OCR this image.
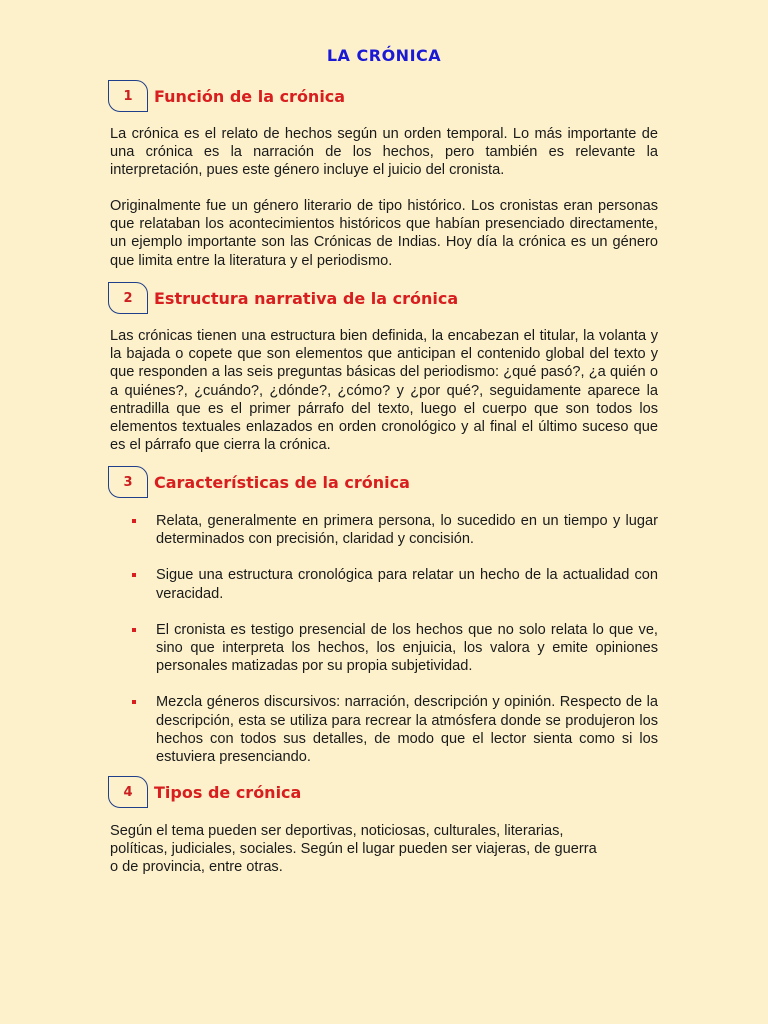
LA CRÓNICA
1	Función de la crónica

La crónica es el relato de hechos según un orden temporal. Lo más importante de una crónica es la narración de los hechos, pero también es relevante la interpretación, pues este género incluye el juicio del cronista.

Originalmente fue un género literario de tipo histórico. Los cronistas eran personas que relataban los acontecimientos históricos que habían presenciado directamente, un ejemplo importante son las Crónicas de Indias. Hoy día la crónica es un género que limita entre la literatura y el periodismo.

2	Estructura narrativa de la crónica

Las crónicas tienen una estructura bien definida, la encabezan el titular, la volanta y la bajada o copete que son elementos que anticipan el contenido global del texto y que responden a las seis preguntas básicas del periodismo: ¿qué pasó?, ¿a quién o a quiénes?, ¿cuándo?, ¿dónde?, ¿cómo? y ¿por qué?, seguidamente aparece la entradilla que es el primer párrafo del texto, luego el cuerpo que son todos los elementos textuales enlazados en orden cronológico y al final el último suceso que es el párrafo que cierra la crónica.

3	Características de la crónica
Relata, generalmente en primera persona, lo sucedido en un tiempo y lugar determinados con precisión, claridad y concisión.
Sigue una estructura cronológica para relatar un hecho de la actualidad con veracidad.
El cronista es testigo presencial de los hechos que no solo relata lo que ve, sino que interpreta los hechos, los enjuicia, los valora y emite opiniones personales matizadas por su propia subjetividad.
Mezcla géneros discursivos: narración, descripción y opinión. Respecto de la descripción, esta se utiliza para recrear la atmósfera donde se produjeron los hechos con todos sus detalles, de modo que el lector sienta como si los estuviera presenciando.
4	Tipos de crónica

Según el tema pueden ser deportivas, noticiosas, culturales, literarias, políticas, judiciales, sociales. Según el lugar pueden ser viajeras, de guerra o de provincia, entre otras.
